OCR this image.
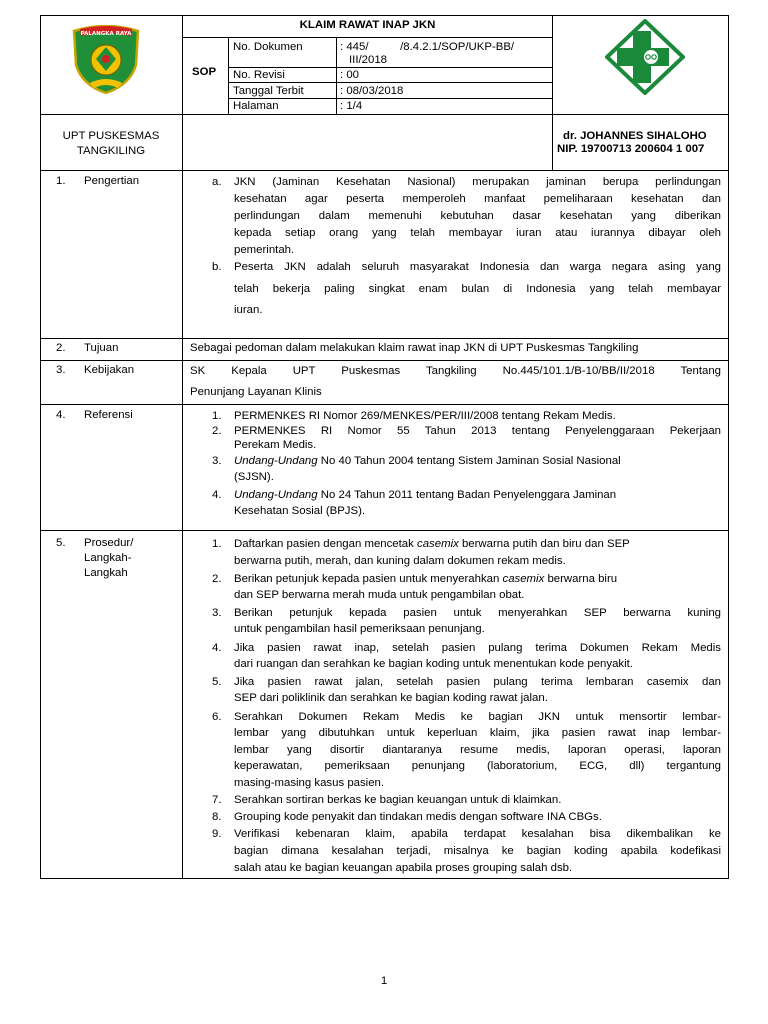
PALANGKA RAYA
KLAIM RAWAT INAP JKN
SOP
No. Dokumen	: 445/          /8.4.2.1/SOP/UKP-BB/
III/2018
No. Revisi	: 00
Tanggal Terbit	: 08/03/2018
Halaman	: 1/4
UPT PUSKESMAS
TANGKILING
dr. JOHANNES SIHALOHO
NIP. 19700713 200604 1 007
1. Pengertian	a. JKN (Jaminan Kesehatan Nasional) merupakan jaminan berupa perlindungan
kesehatan agar peserta memperoleh manfaat pemeliharaan kesehatan dan
perlindungan dalam memenuhi kebutuhan dasar kesehatan yang diberikan
kepada setiap orang yang telah membayar iuran atau iurannya dibayar oleh
pemerintah.
b. Peserta JKN adalah seluruh masyarakat Indonesia dan warga negara asing yang
telah bekerja paling singkat enam bulan di Indonesia yang telah membayar
iuran.
2. Tujuan	Sebagai pedoman dalam melakukan klaim rawat inap JKN di UPT Puskesmas Tangkiling
3. Kebijakan	SK Kepala UPT Puskesmas Tangkiling No.445/101.1/B-10/BB/II/2018 Tentang
Penunjang Layanan Klinis
4. Referensi	1. PERMENKES RI Nomor 269/MENKES/PER/III/2008 tentang Rekam Medis.
2. PERMENKES RI Nomor 55 Tahun 2013 tentang Penyelenggaraan Pekerjaan
Perekam Medis.
3. Undang-Undang No 40 Tahun 2004 tentang Sistem Jaminan Sosial Nasional
(SJSN).
4. Undang-Undang No 24 Tahun 2011 tentang Badan Penyelenggara Jaminan
Kesehatan Sosial (BPJS).
5. Prosedur/
Langkah-
Langkah
1. Daftarkan pasien dengan mencetak casemix berwarna putih dan biru dan SEP
berwarna putih, merah, dan kuning dalam dokumen rekam medis.
2. Berikan petunjuk kepada pasien untuk menyerahkan casemix berwarna biru
dan SEP berwarna merah muda untuk pengambilan obat.
3. Berikan petunjuk kepada pasien untuk menyerahkan SEP berwarna kuning
untuk pengambilan hasil pemeriksaan penunjang.
4. Jika pasien rawat inap, setelah pasien pulang terima Dokumen Rekam Medis
dari ruangan dan serahkan ke bagian koding untuk menentukan kode penyakit.
5. Jika pasien rawat jalan, setelah pasien pulang terima lembaran casemix dan
SEP dari poliklinik dan serahkan ke bagian koding rawat jalan.
6. Serahkan Dokumen Rekam Medis ke bagian JKN untuk mensortir lembar-
lembar yang dibutuhkan untuk keperluan klaim, jika pasien rawat inap lembar-
lembar yang disortir diantaranya resume medis, laporan operasi, laporan
keperawatan, pemeriksaan penunjang (laboratorium, ECG, dll) tergantung
masing-masing kasus pasien.
7. Serahkan sortiran berkas ke bagian keuangan untuk di klaimkan.
8. Grouping kode penyakit dan tindakan medis dengan software INA CBGs.
9. Verifikasi kebenaran klaim, apabila terdapat kesalahan bisa dikembalikan ke
bagian dimana kesalahan terjadi, misalnya ke bagian koding apabila kodefikasi
salah atau ke bagian keuangan apabila proses grouping salah dsb.
1
